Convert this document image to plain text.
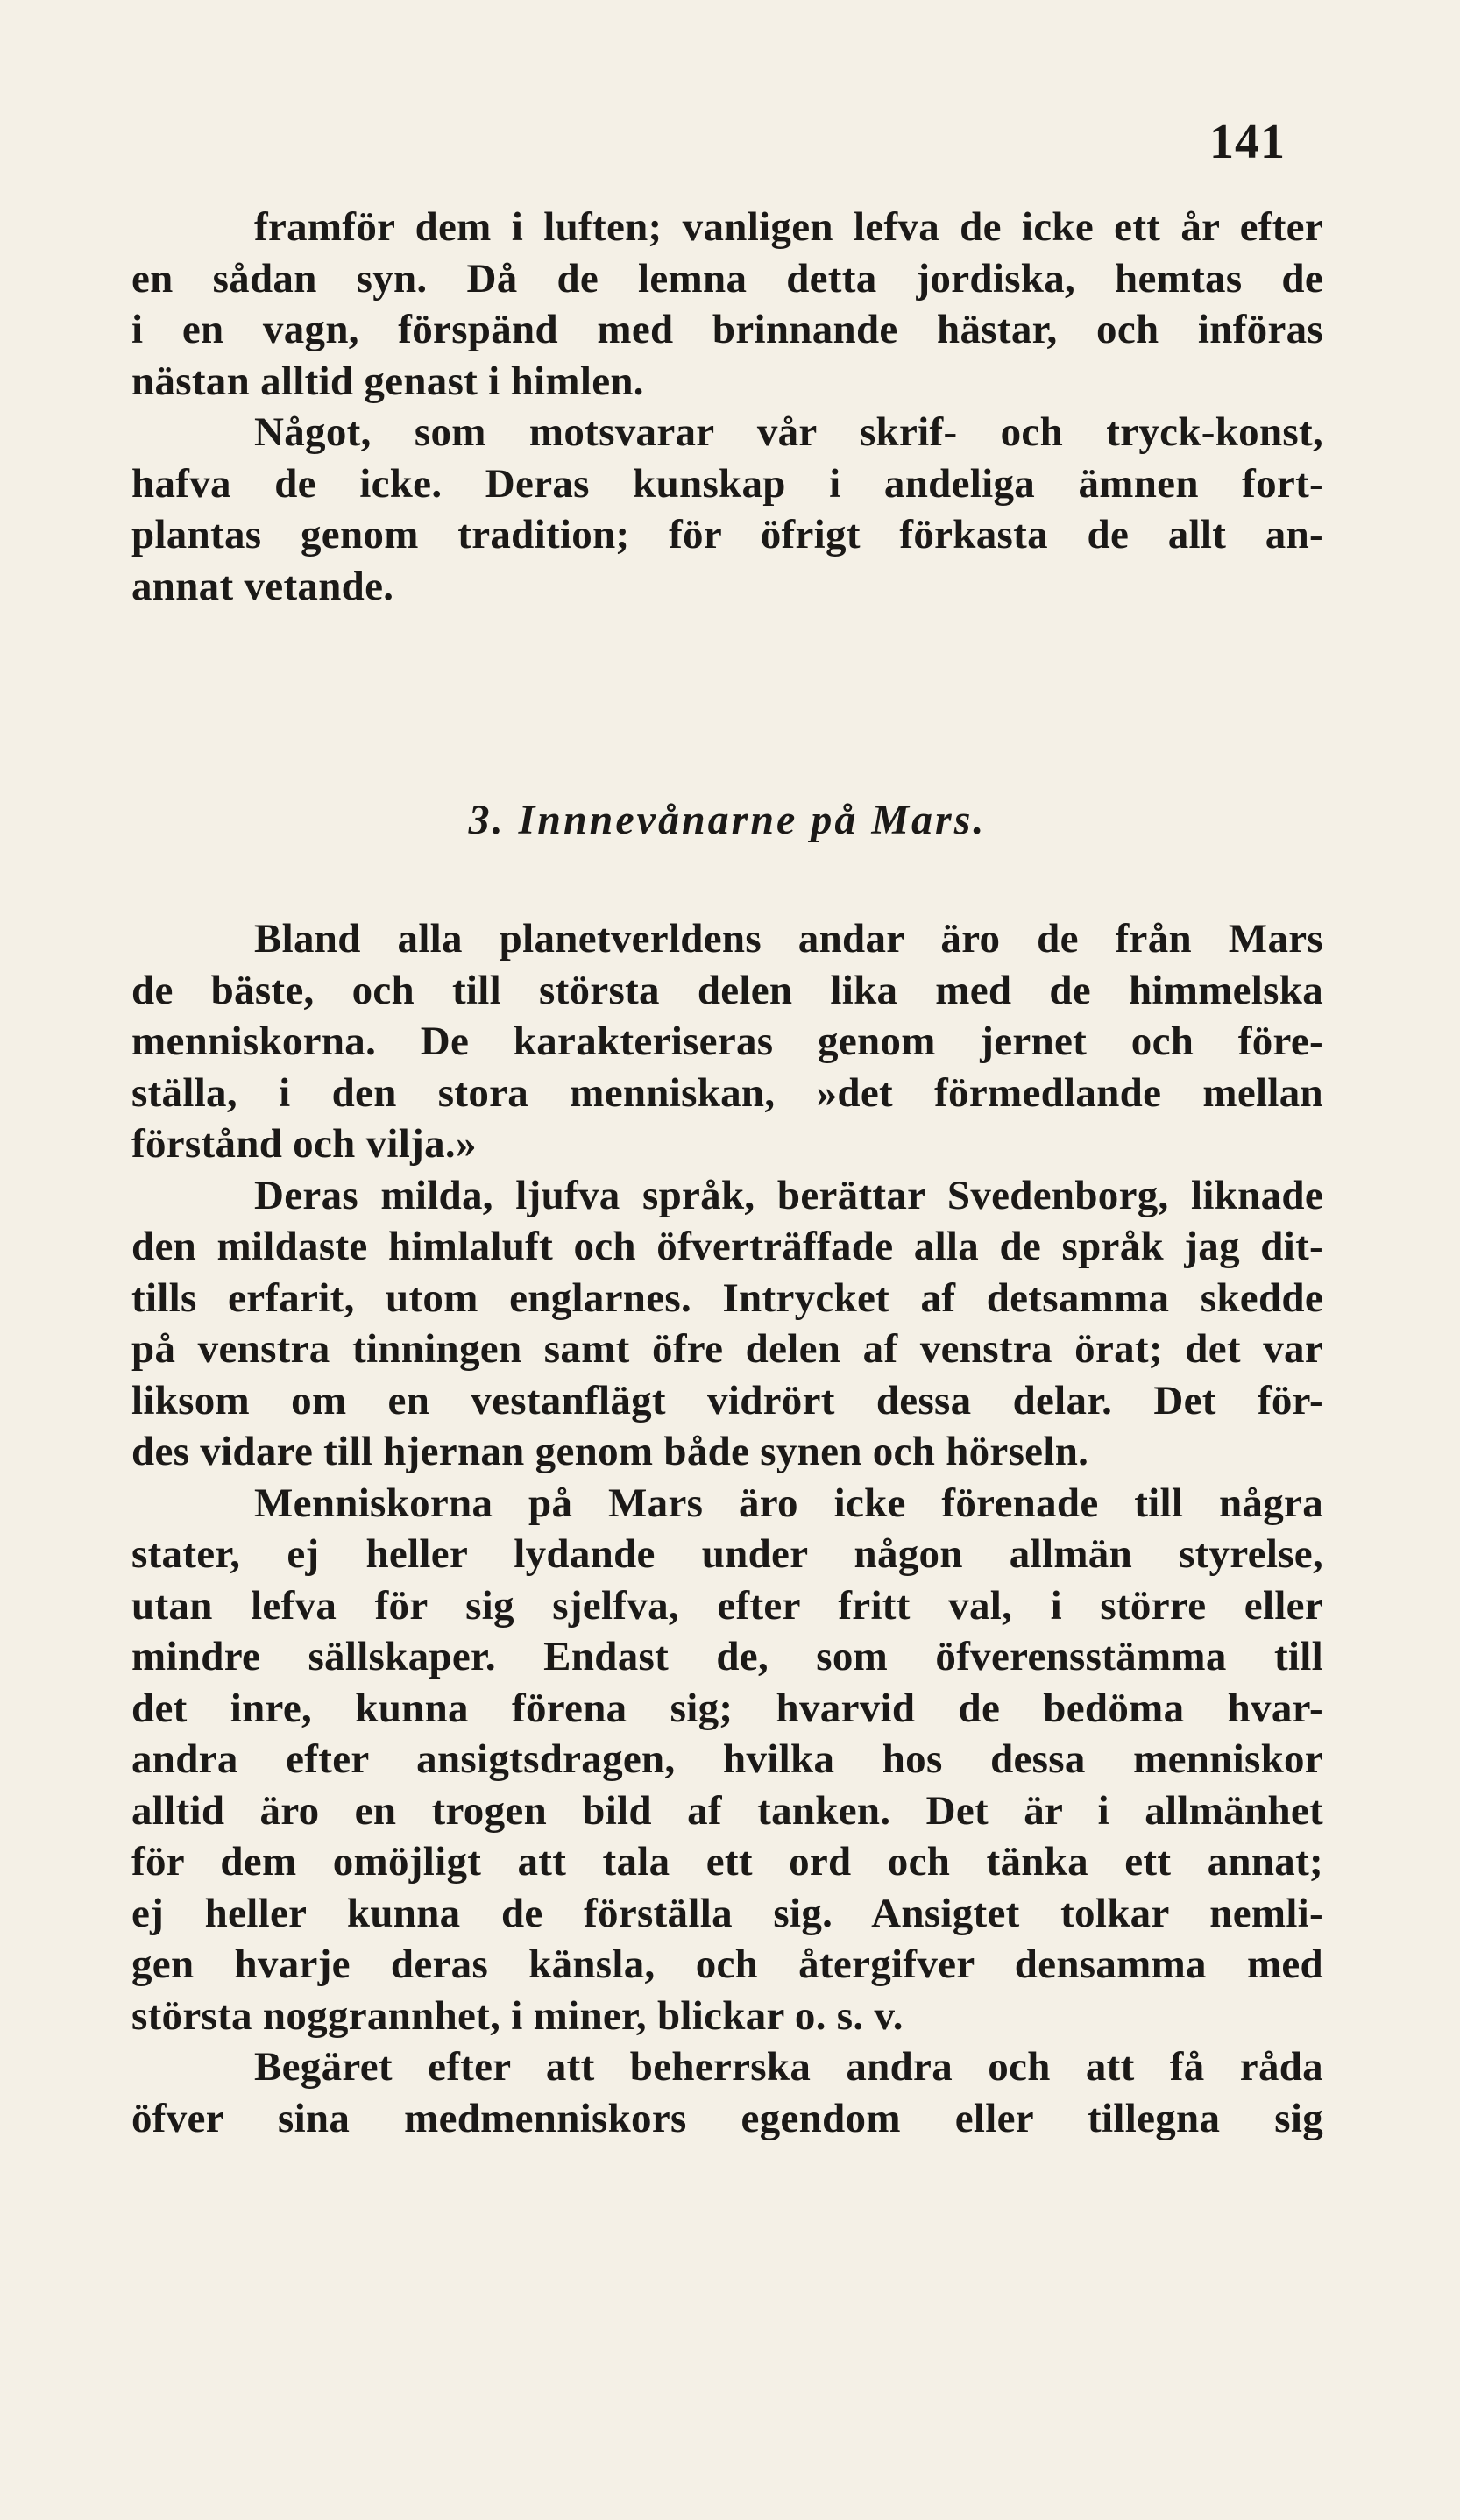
141
framför dem i luften; vanligen lefva de icke ett år efter
en sådan syn. Då de lemna detta jordiska, hemtas de
i en vagn, förspänd med brinnande hästar, och införas
nästan alltid genast i himlen.
Något, som motsvarar vår skrif- och tryck-konst,
hafva de icke. Deras kunskap i andeliga ämnen fort-
plantas genom tradition; för öfrigt förkasta de allt an-
annat vetande.
3. Innnevånarne på Mars.
Bland alla planetverldens andar äro de från Mars
de bäste, och till största delen lika med de himmelska
menniskorna. De karakteriseras genom jernet och före-
ställa, i den stora menniskan, »det förmedlande mellan
förstånd och vilja.»
Deras milda, ljufva språk, berättar Svedenborg, liknade
den mildaste himlaluft och öfverträffade alla de språk jag dit-
tills erfarit, utom englarnes. Intrycket af detsamma skedde
på venstra tinningen samt öfre delen af venstra örat; det var
liksom om en vestanflägt vidrört dessa delar. Det för-
des vidare till hjernan genom både synen och hörseln.
Menniskorna på Mars äro icke förenade till några
stater, ej heller lydande under någon allmän styrelse,
utan lefva för sig sjelfva, efter fritt val, i större eller
mindre sällskaper. Endast de, som öfverensstämma till
det inre, kunna förena sig; hvarvid de bedöma hvar-
andra efter ansigtsdragen, hvilka hos dessa menniskor
alltid äro en trogen bild af tanken. Det är i allmänhet
för dem omöjligt att tala ett ord och tänka ett annat;
ej heller kunna de förställa sig. Ansigtet tolkar nemli-
gen hvarje deras känsla, och återgifver densamma med
största noggrannhet, i miner, blickar o. s. v.
Begäret efter att beherrska andra och att få råda
öfver sina medmenniskors egendom eller tillegna sig
